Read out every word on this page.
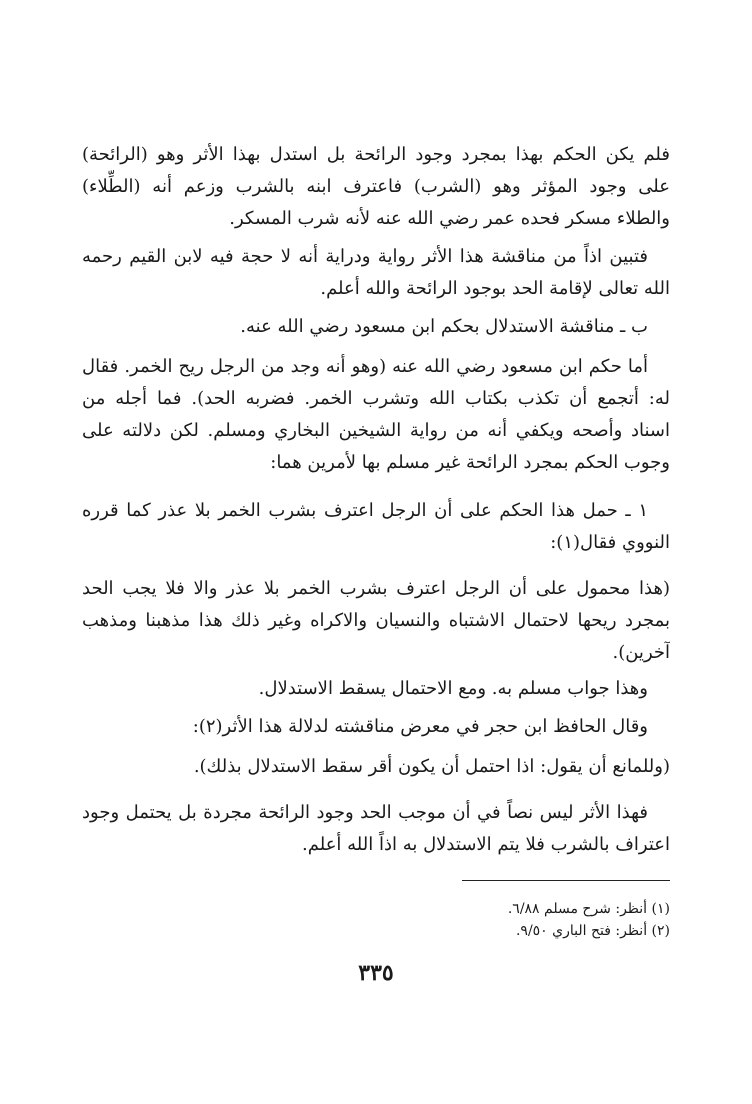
فلم يكن الحكم بهذا بمجرد وجود الرائحة بل استدل بهذا الأثر وهو (الرائحة)
على وجود المؤثر وهو (الشرب) فاعترف ابنه بالشرب وزعم أنه (الطِّلاء)
والطلاء مسكر فحده عمر رضي الله عنه لأنه شرب المسكر.
فتبين اذاً من مناقشة هذا الأثر رواية ودراية أنه لا حجة فيه لابن القيم رحمه
الله تعالى لإقامة الحد بوجود الرائحة والله أعلم.
ب ـ مناقشة الاستدلال بحكم ابن مسعود رضي الله عنه.
أما حكم ابن مسعود رضي الله عنه (وهو أنه وجد من الرجل ريح الخمر. فقال
له: أتجمع أن تكذب بكتاب الله وتشرب الخمر. فضربه الحد). فما أجله من
اسناد وأصحه ويكفي أنه من رواية الشيخين البخاري ومسلم. لكن دلالته على
وجوب الحكم بمجرد الرائحة غير مسلم بها لأمرين هما:
١ ـ حمل هذا الحكم على أن الرجل اعترف بشرب الخمر بلا عذر كما قرره
النووي فقال(١):
(هذا محمول على أن الرجل اعترف بشرب الخمر بلا عذر والا فلا يجب الحد
بمجرد ريحها لاحتمال الاشتباه والنسيان والاكراه وغير ذلك هذا مذهبنا ومذهب
آخرين).
وهذا جواب مسلم به. ومع الاحتمال يسقط الاستدلال.
وقال الحافظ ابن حجر في معرض مناقشته لدلالة هذا الأثر(٢):
(وللمانع أن يقول: اذا احتمل أن يكون أقر سقط الاستدلال بذلك).
فهذا الأثر ليس نصاً في أن موجب الحد وجود الرائحة مجردة بل يحتمل وجود
اعتراف بالشرب فلا يتم الاستدلال به اذاً الله أعلم.
(١) أنظر: شرح مسلم ٦/٨٨.
(٢) أنظر: فتح الباري ٩/٥٠.
٣٣٥
